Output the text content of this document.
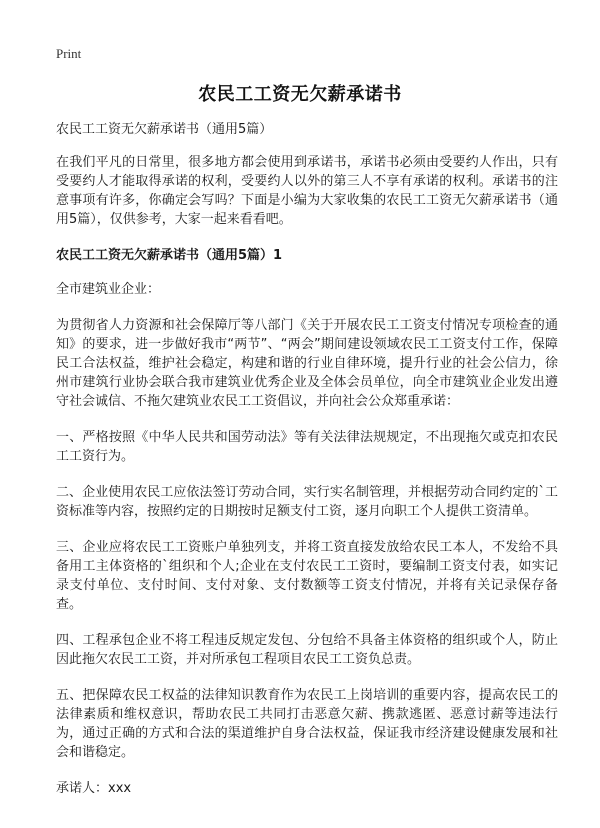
Print
农民工工资无欠薪承诺书

农民工工资无欠薪承诺书（通用5篇）

在我们平凡的日常里，很多地方都会使用到承诺书，承诺书必须由受要约人作出，只有受要约人才能取得承诺的权利，受要约人以外的第三人不享有承诺的权利。承诺书的注意事项有许多，你确定会写吗？下面是小编为大家收集的农民工工资无欠薪承诺书（通用5篇），仅供参考，大家一起来看看吧。

农民工工资无欠薪承诺书（通用5篇）1

全市建筑业企业：

为贯彻省人力资源和社会保障厅等八部门《关于开展农民工工资支付情况专项检查的通知》的要求，进一步做好我市“两节”、“两会”期间建设领域农民工工资支付工作，保障民工合法权益，维护社会稳定，构建和谐的行业自律环境，提升行业的社会公信力，徐州市建筑行业协会联合我市建筑业优秀企业及全体会员单位，向全市建筑业企业发出遵守社会诚信、不拖欠建筑业农民工工资倡议，并向社会公众郑重承诺：

一、严格按照《中华人民共和国劳动法》等有关法律法规规定，不出现拖欠或克扣农民工工资行为。

二、企业使用农民工应依法签订劳动合同，实行实名制管理，并根据劳动合同约定的`工资标准等内容，按照约定的日期按时足额支付工资，逐月向职工个人提供工资清单。

三、企业应将农民工工资账户单独列支，并将工资直接发放给农民工本人，不发给不具备用工主体资格的`组织和个人;企业在支付农民工工资时，要编制工资支付表，如实记录支付单位、支付时间、支付对象、支付数额等工资支付情况，并将有关记录保存备查。

四、工程承包企业不将工程违反规定发包、分包给不具备主体资格的组织或个人，防止因此拖欠农民工工资，并对所承包工程项目农民工工资负总责。

五、把保障农民工权益的法律知识教育作为农民工上岗培训的重要内容，提高农民工的法律素质和维权意识，帮助农民工共同打击恶意欠薪、携款逃匿、恶意讨薪等违法行为，通过正确的方式和合法的渠道维护自身合法权益，保证我市经济建设健康发展和社会和谐稳定。

承诺人：xxx
